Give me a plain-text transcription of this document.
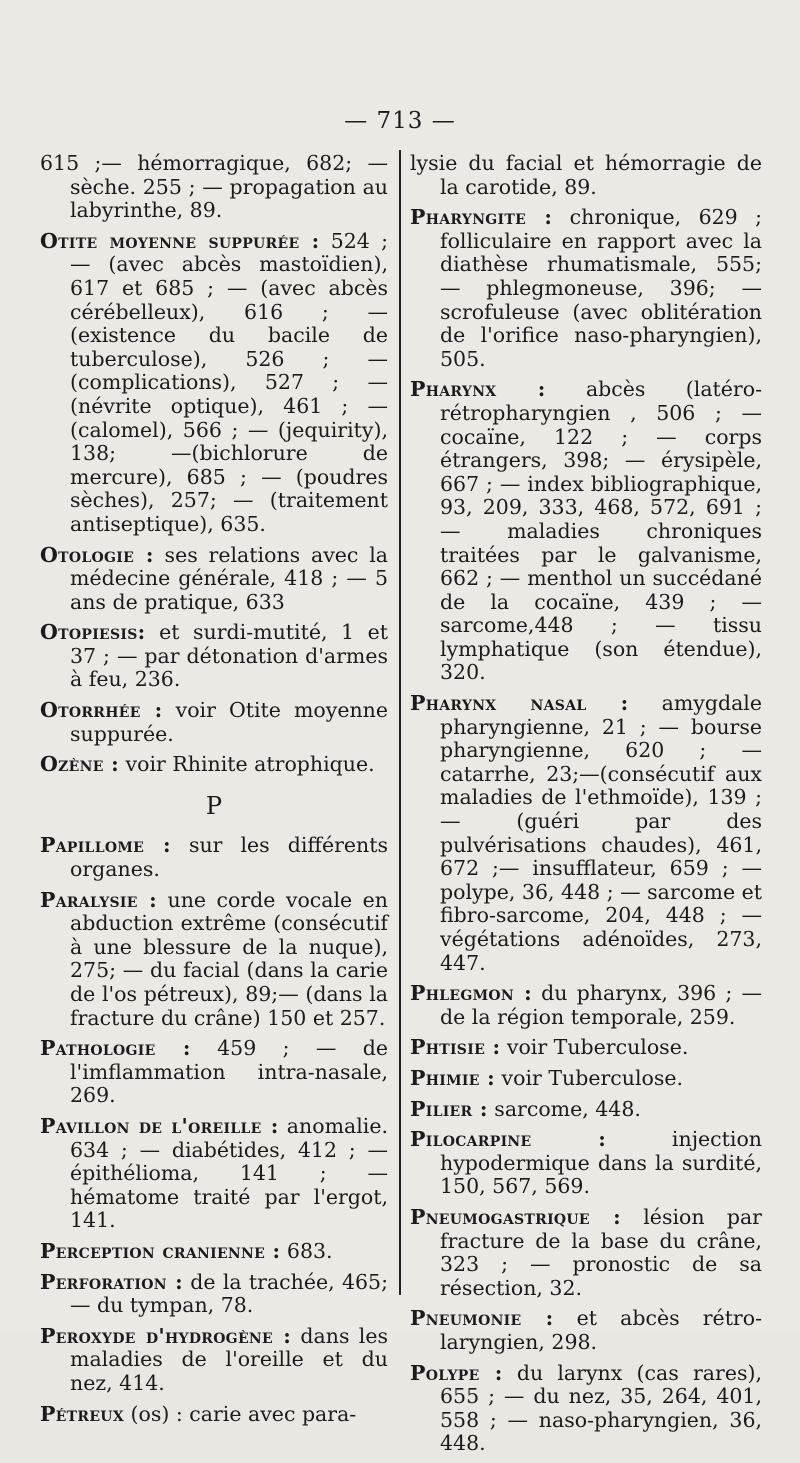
— 713 —
615 ;— hémorragique, 682; — sèche. 255 ; — propagation au labyrinthe, 89.
Otite moyenne suppurée : 524 ; — (avec abcès mastoïdien), 617 et 685 ; — (avec abcès cérébelleux), 616 ; — (existence du bacile de tuberculose), 526 ; — (complications), 527 ; — (névrite optique), 461 ; — (calomel), 566 ; — (jequirity), 138; —(bichlorure de mercure), 685 ; — (poudres sèches), 257; — (traitement antiseptique), 635.
Otologie : ses relations avec la médecine générale, 418 ; — 5 ans de pratique, 633
Otopiesis: et surdi-mutité, 1 et 37 ; — par détonation d'armes à feu, 236.
Otorrhée : voir Otite moyenne suppurée.
Ozène : voir Rhinite atrophique.
P
Papillome : sur les différents organes.
Paralysie : une corde vocale en abduction extrême (consécutif à une blessure de la nuque), 275; — du facial (dans la carie de l'os pétreux), 89;— (dans la fracture du crâne) 150 et 257.
Pathologie : 459 ; — de l'imflammation intra-nasale, 269.
Pavillon de l'oreille : anomalie. 634 ; — diabétides, 412 ; — épithélioma, 141 ; — hématome traité par l'ergot, 141.
Perception cranienne : 683.
Perforation : de la trachée, 465; — du tympan, 78.
Peroxyde d'hydrogène : dans les maladies de l'oreille et du nez, 414.
Pétreux (os) : carie avec para-
lysie du facial et hémorragie de la carotide, 89.
Pharyngite : chronique, 629 ; folliculaire en rapport avec la diathèse rhumatismale, 555; — phlegmoneuse, 396; — scrofuleuse (avec oblitération de l'orifice naso-pharyngien), 505.
Pharynx : abcès (latéro-rétropharyngien , 506 ; — cocaïne, 122 ; — corps étrangers, 398; — érysipèle, 667 ; — index bibliographique, 93, 209, 333, 468, 572, 691 ; — maladies chroniques traitées par le galvanisme, 662 ; — menthol un succédané de la cocaïne, 439 ; — sarcome,448 ; — tissu lymphatique (son étendue), 320.
Pharynx nasal : amygdale pharyngienne, 21 ; — bourse pharyngienne, 620 ; — catarrhe, 23;—(consécutif aux maladies de l'ethmoïde), 139 ; — (guéri par des pulvérisations chaudes), 461, 672 ;— insufflateur, 659 ; — polype, 36, 448 ; — sarcome et fibro-sarcome, 204, 448 ; — végétations adénoïdes, 273, 447.
Phlegmon : du pharynx, 396 ; — de la région temporale, 259.
Phtisie : voir Tuberculose.
Phimie : voir Tuberculose.
Pilier : sarcome, 448.
Pilocarpine : injection hypodermique dans la surdité, 150, 567, 569.
Pneumogastrique : lésion par fracture de la base du crâne, 323 ; — pronostic de sa résection, 32.
Pneumonie : et abcès rétro-laryngien, 298.
Polype : du larynx (cas rares), 655 ; — du nez, 35, 264, 401, 558 ; — naso-pharyngien, 36, 448.
